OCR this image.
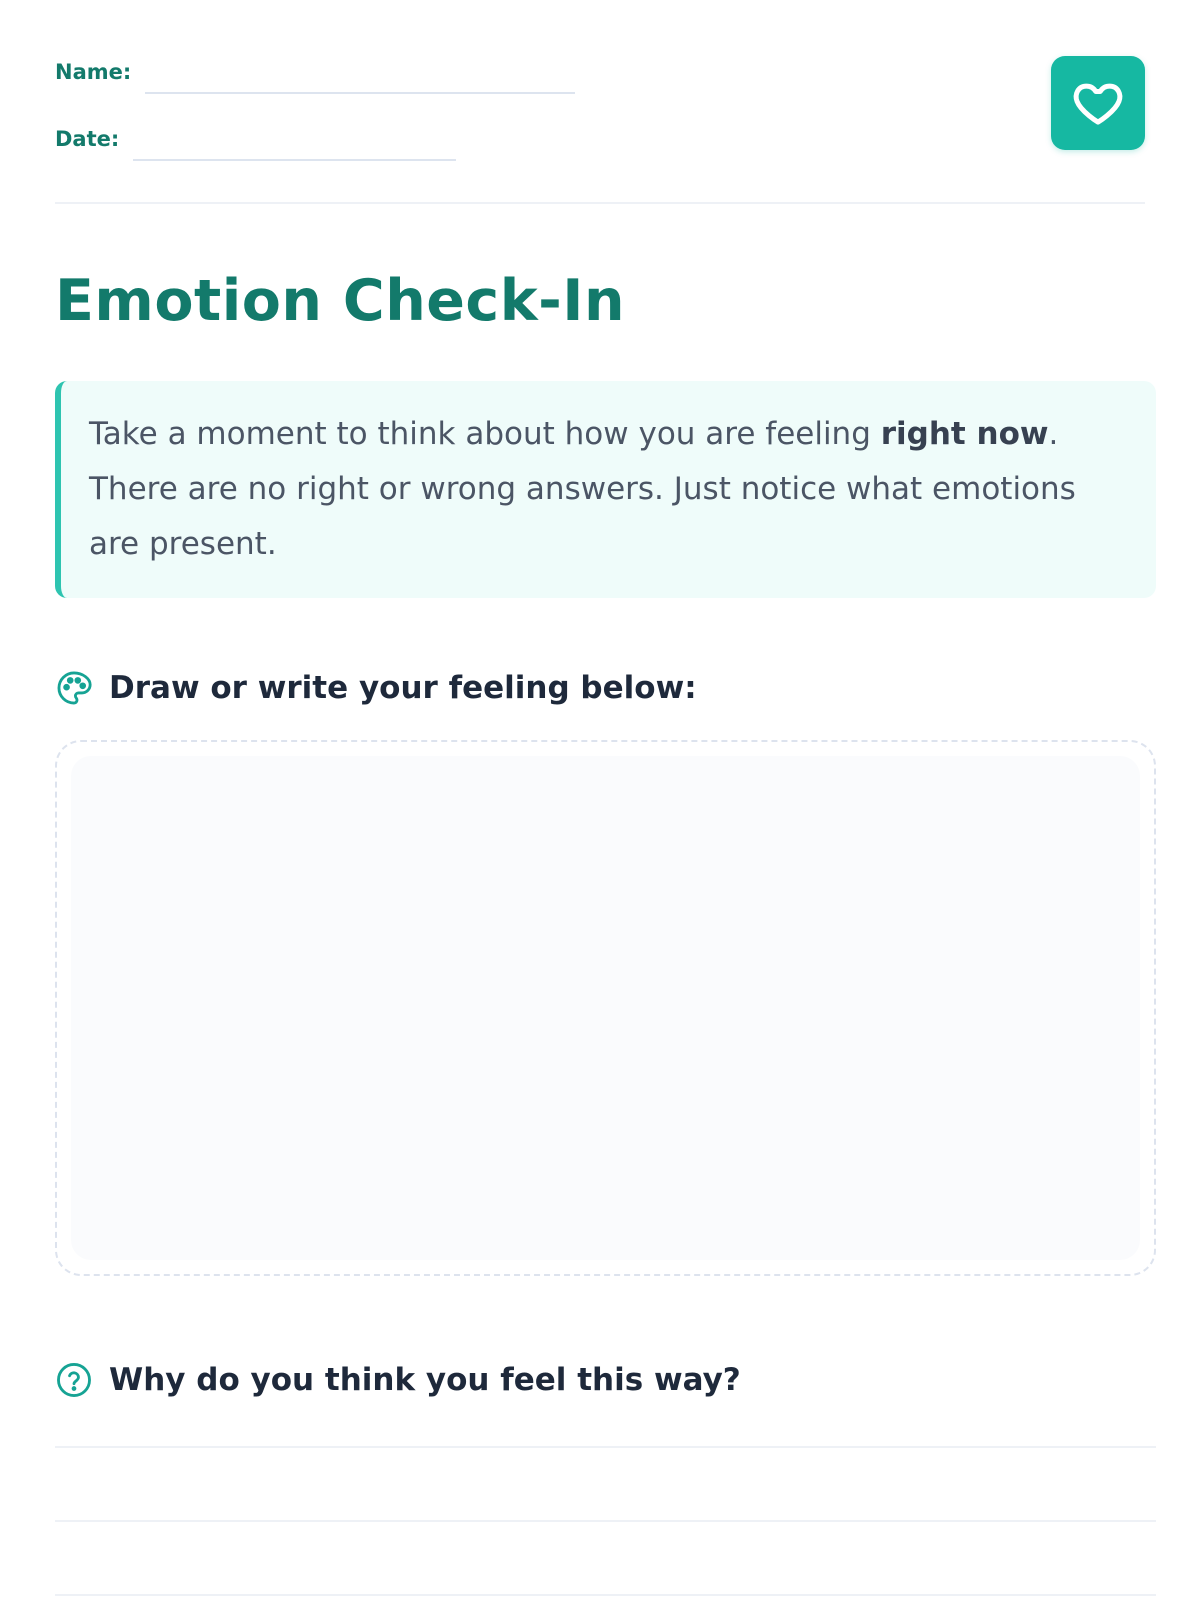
Name:
Date:
Emotion Check-In
Take a moment to think about how you are feeling right now. There are no right or wrong answers. Just notice what emotions are present.
Draw or write your feeling below:
Why do you think you feel this way?
